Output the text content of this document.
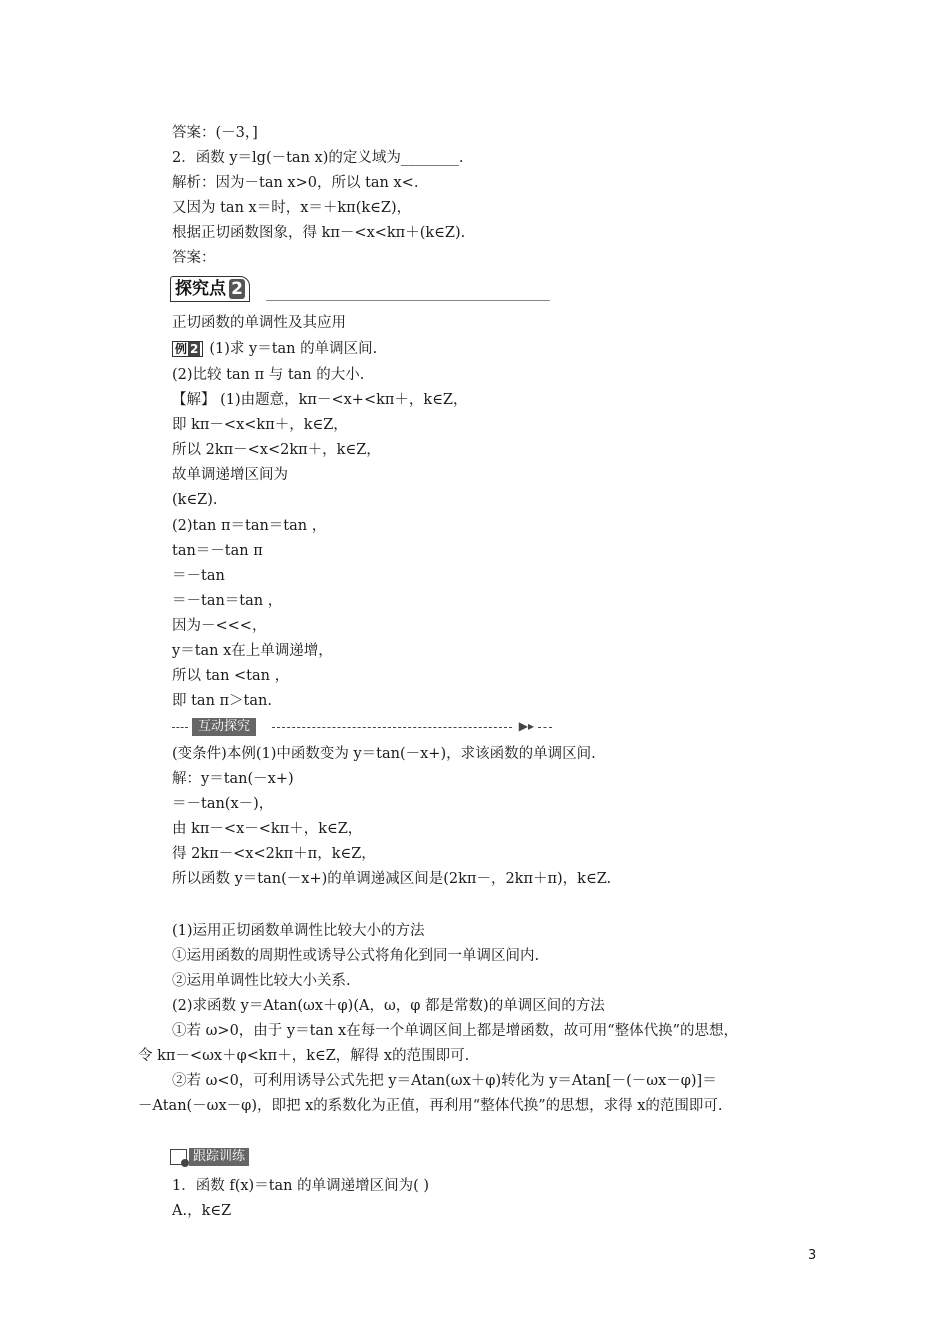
答案：(－3，]
2．函数 y＝lg(－tan x)的定义域为________.
解析：因为－tan x>0，所以 tan x<.
又因为 tan x＝时，x＝＋kπ(k∈Z)，
根据正切函数图象，得 kπ－<x<kπ＋(k∈Z).
答案：
探究点 2
正切函数的单调性及其应用
例 2 (1)求 y＝tan 的单调区间.
(2)比较 tan π 与 tan 的大小.
【解】 (1)由题意，kπ－<x+<kπ＋，k∈Z，
即 kπ－<x<kπ＋，k∈Z，
所以 2kπ－<x<2kπ＋，k∈Z，
故单调递增区间为
(k∈Z).
(2)tan π＝tan＝tan ，
tan＝－tan π
＝－tan
＝－tan＝tan ，
因为－<<<，
y＝tan x在上单调递增，
所以 tan <tan ，
即 tan π＞tan.
互动探究	▶▸
(变条件)本例(1)中函数变为 y＝tan(－x+)，求该函数的单调区间.
解：y＝tan(－x+)
＝－tan(x－)，
由 kπ－<x－<kπ＋，k∈Z，
得 2kπ－<x<2kπ＋π，k∈Z，
所以函数 y＝tan(－x+)的单调递减区间是(2kπ－，2kπ＋π)，k∈Z.
(1)运用正切函数单调性比较大小的方法
①运用函数的周期性或诱导公式将角化到同一单调区间内.
②运用单调性比较大小关系.
(2)求函数 y＝Atan(ωx＋φ)(A，ω，φ 都是常数)的单调区间的方法
①若 ω>0，由于 y＝tan x在每一个单调区间上都是增函数，故可用“整体代换”的思想，
令 kπ－<ωx＋φ<kπ＋，k∈Z，解得 x的范围即可.
②若 ω<0，可利用诱导公式先把 y＝Atan(ωx＋φ)转化为 y＝Atan[－(－ωx－φ)]＝
－Atan(－ωx－φ)，即把 x的系数化为正值，再利用“整体代换”的思想，求得 x的范围即可.
跟踪训练
1．函数 f(x)＝tan 的单调递增区间为( )
A.，k∈Z
3
